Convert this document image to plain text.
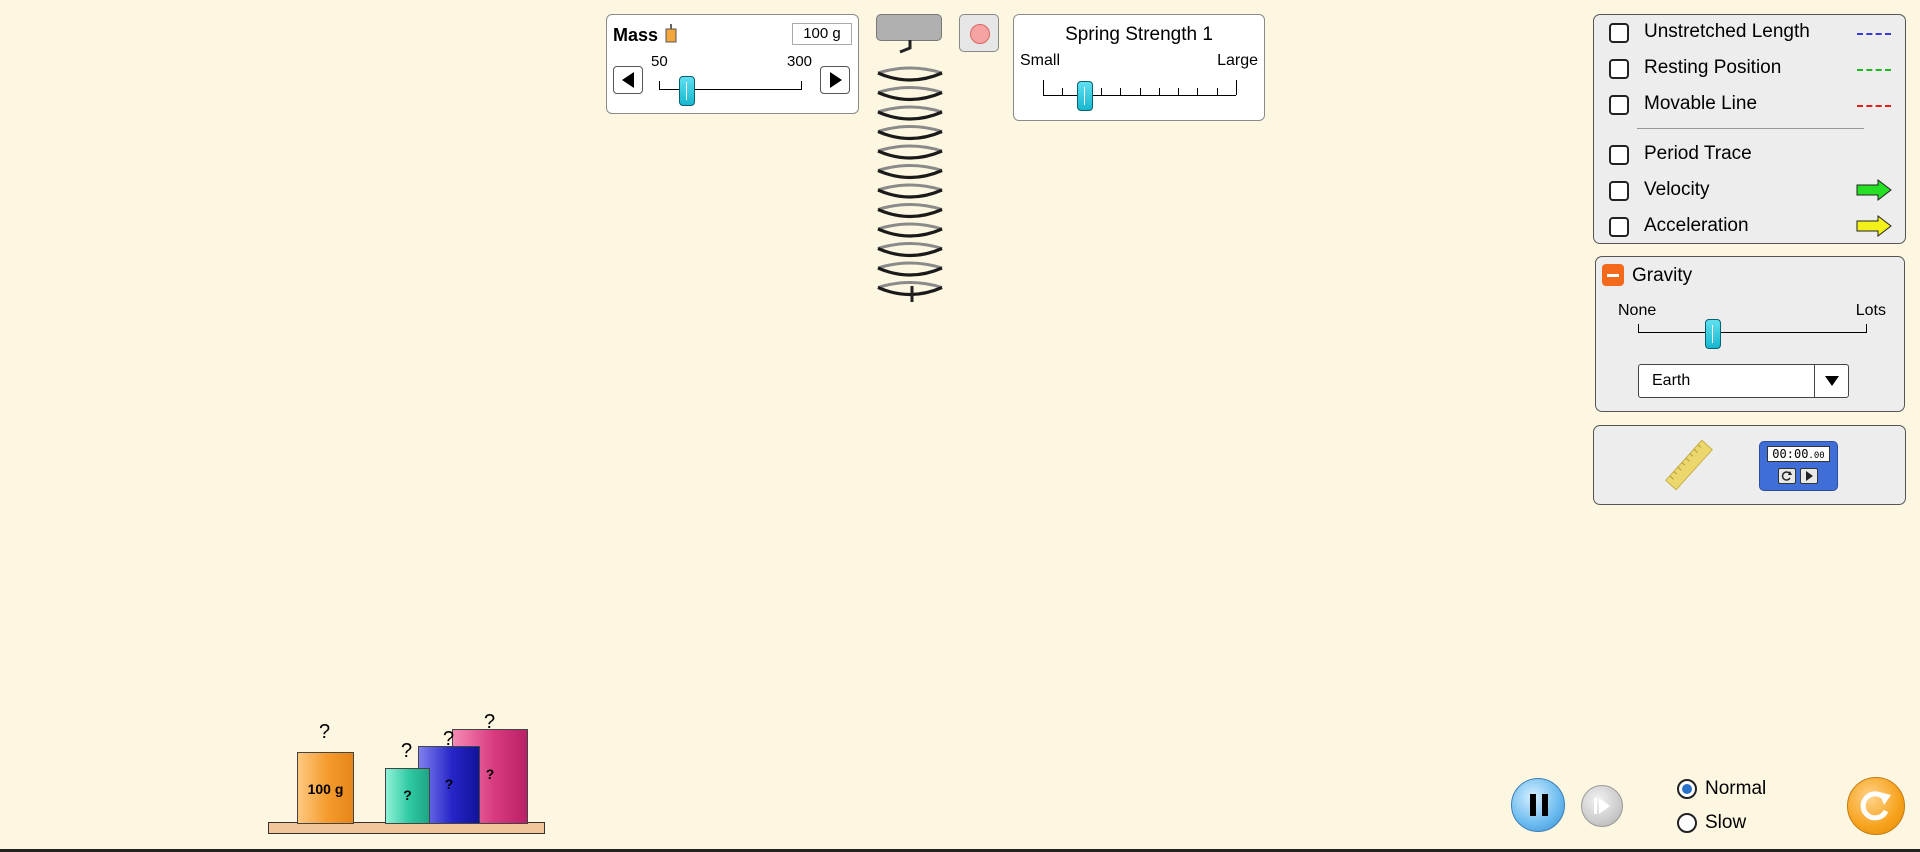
Mass	100 g
50	300
Spring Strength 1
Small	Large
Unstretched Length
Resting Position
Movable Line
Period Trace
Velocity
Acceleration
Gravity
None	Lots
Earth
00:00.00
?
100 g
?
?
?
?
?
?	Normal
Slow
